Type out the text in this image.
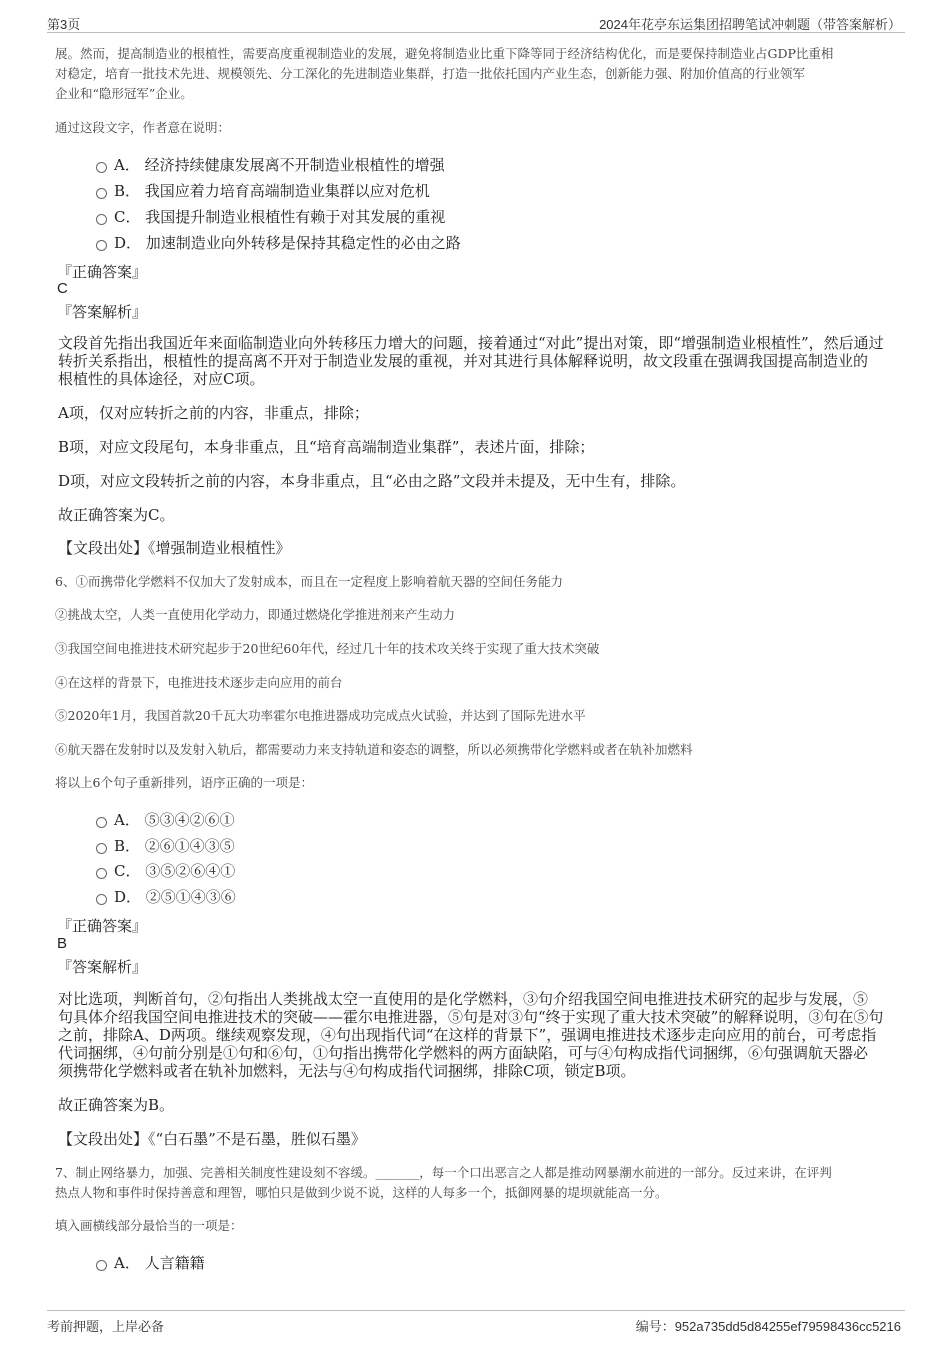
第3页	2024年花亭东运集团招聘笔试冲刺题（带答案解析）
展。然而，提高制造业的根植性，需要高度重视制造业的发展，避免将制造业比重下降等同于经济结构优化，而是要保持制造业占GDP比重相
对稳定，培育一批技术先进、规模领先、分工深化的先进制造业集群，打造一批依托国内产业生态，创新能力强、附加价值高的行业领军
企业和“隐形冠军”企业。
通过这段文字，作者意在说明：
A． 经济持续健康发展离不开制造业根植性的增强
B． 我国应着力培育高端制造业集群以应对危机
C． 我国提升制造业根植性有赖于对其发展的重视
D． 加速制造业向外转移是保持其稳定性的必由之路
『正确答案』
C
『答案解析』
文段首先指出我国近年来面临制造业向外转移压力增大的问题，接着通过“对此”提出对策，即“增强制造业根植性”，然后通过
转折关系指出，根植性的提高离不开对于制造业发展的重视，并对其进行具体解释说明，故文段重在强调我国提高制造业的
根植性的具体途径，对应C项。
A项，仅对应转折之前的内容，非重点，排除；
B项，对应文段尾句，本身非重点，且“培育高端制造业集群”，表述片面，排除；
D项，对应文段转折之前的内容，本身非重点，且“必由之路”文段并未提及，无中生有，排除。
故正确答案为C。
【文段出处】《增强制造业根植性》
6、①而携带化学燃料不仅加大了发射成本，而且在一定程度上影响着航天器的空间任务能力
②挑战太空，人类一直使用化学动力，即通过燃烧化学推进剂来产生动力
③我国空间电推进技术研究起步于20世纪60年代，经过几十年的技术攻关终于实现了重大技术突破
④在这样的背景下，电推进技术逐步走向应用的前台
⑤2020年1月，我国首款20千瓦大功率霍尔电推进器成功完成点火试验，并达到了国际先进水平
⑥航天器在发射时以及发射入轨后，都需要动力来支持轨道和姿态的调整，所以必须携带化学燃料或者在轨补加燃料
将以上6个句子重新排列，语序正确的一项是：
A． ⑤③④②⑥①
B． ②⑥①④③⑤
C． ③⑤②⑥④①
D． ②⑤①④③⑥
『正确答案』
B
『答案解析』
对比选项，判断首句，②句指出人类挑战太空一直使用的是化学燃料，③句介绍我国空间电推进技术研究的起步与发展，⑤
句具体介绍我国空间电推进技术的突破——霍尔电推进器，⑤句是对③句“终于实现了重大技术突破”的解释说明，③句在⑤句
之前，排除A、D两项。继续观察发现，④句出现指代词“在这样的背景下”，强调电推进技术逐步走向应用的前台，可考虑指
代词捆绑，④句前分别是①句和⑥句，①句指出携带化学燃料的两方面缺陷，可与④句构成指代词捆绑，⑥句强调航天器必
须携带化学燃料或者在轨补加燃料，无法与④句构成指代词捆绑，排除C项，锁定B项。
故正确答案为B。
【文段出处】《“白石墨”不是石墨，胜似石墨》
7、制止网络暴力，加强、完善相关制度性建设刻不容缓。_______，每一个口出恶言之人都是推动网暴潮水前进的一部分。反过来讲，在评判
热点人物和事件时保持善意和理智，哪怕只是做到少说不说，这样的人每多一个，抵御网暴的堤坝就能高一分。
填入画横线部分最恰当的一项是：
A． 人言籍籍
考前押题，上岸必备	编号：952a735dd5d84255ef79598436cc5216
